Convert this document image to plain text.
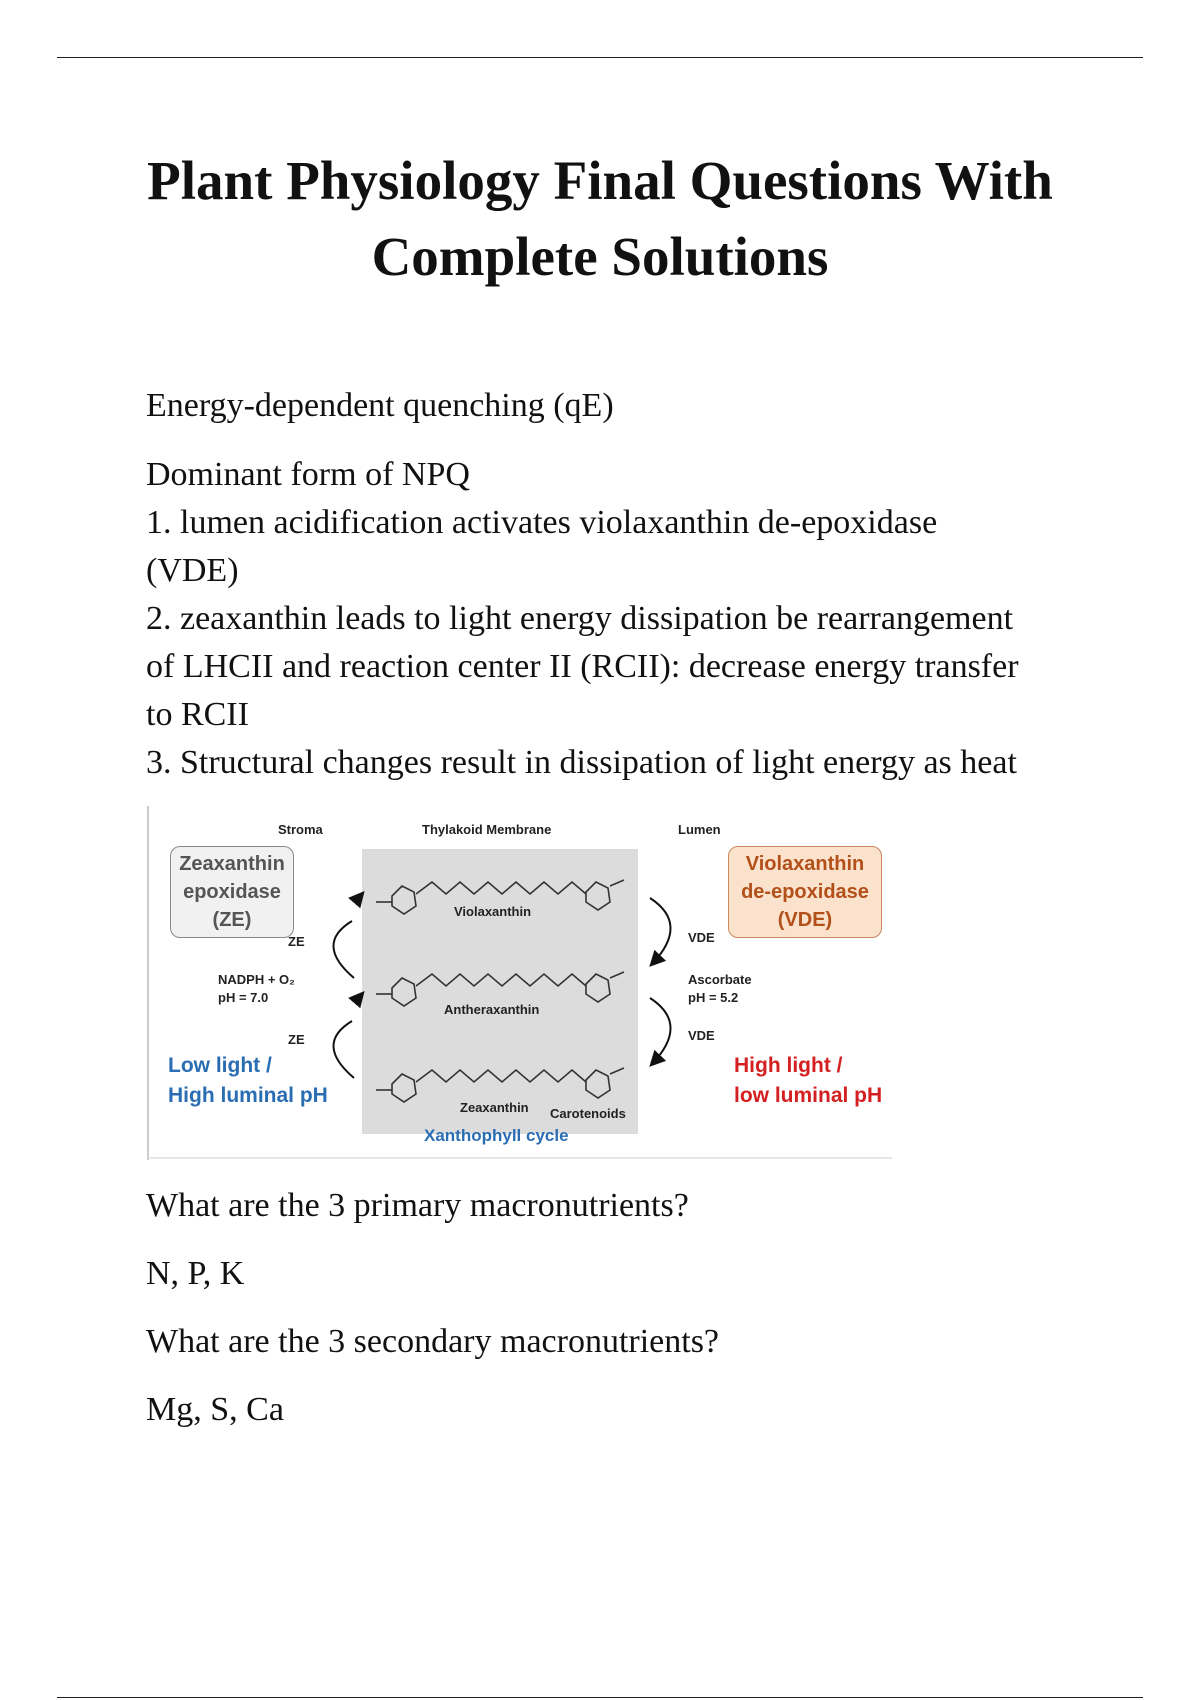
Plant Physiology Final Questions With
Complete Solutions

Energy-dependent quenching (qE)

Dominant form of NPQ
1. lumen acidification activates violaxanthin de-epoxidase
(VDE)
2. zeaxanthin leads to light energy dissipation be rearrangement
of LHCII and reaction center II (RCII): decrease energy transfer
to RCII
3. Structural changes result in dissipation of light energy as heat
Stroma	Thylakoid Membrane	Lumen
Zeaxanthin
epoxidase
(ZE)
Violaxanthin
de-epoxidase
(VDE)
ZE
ZE
VDE
VDE
NADPH + O₂
pH = 7.0
Ascorbate
pH = 5.2
Violaxanthin
Antheraxanthin
Zeaxanthin Carotenoids
Low light /
High luminal pH
High light /
low luminal pH
Xanthophyll cycle

What are the 3 primary macronutrients?

N, P, K

What are the 3 secondary macronutrients?

Mg, S, Ca
